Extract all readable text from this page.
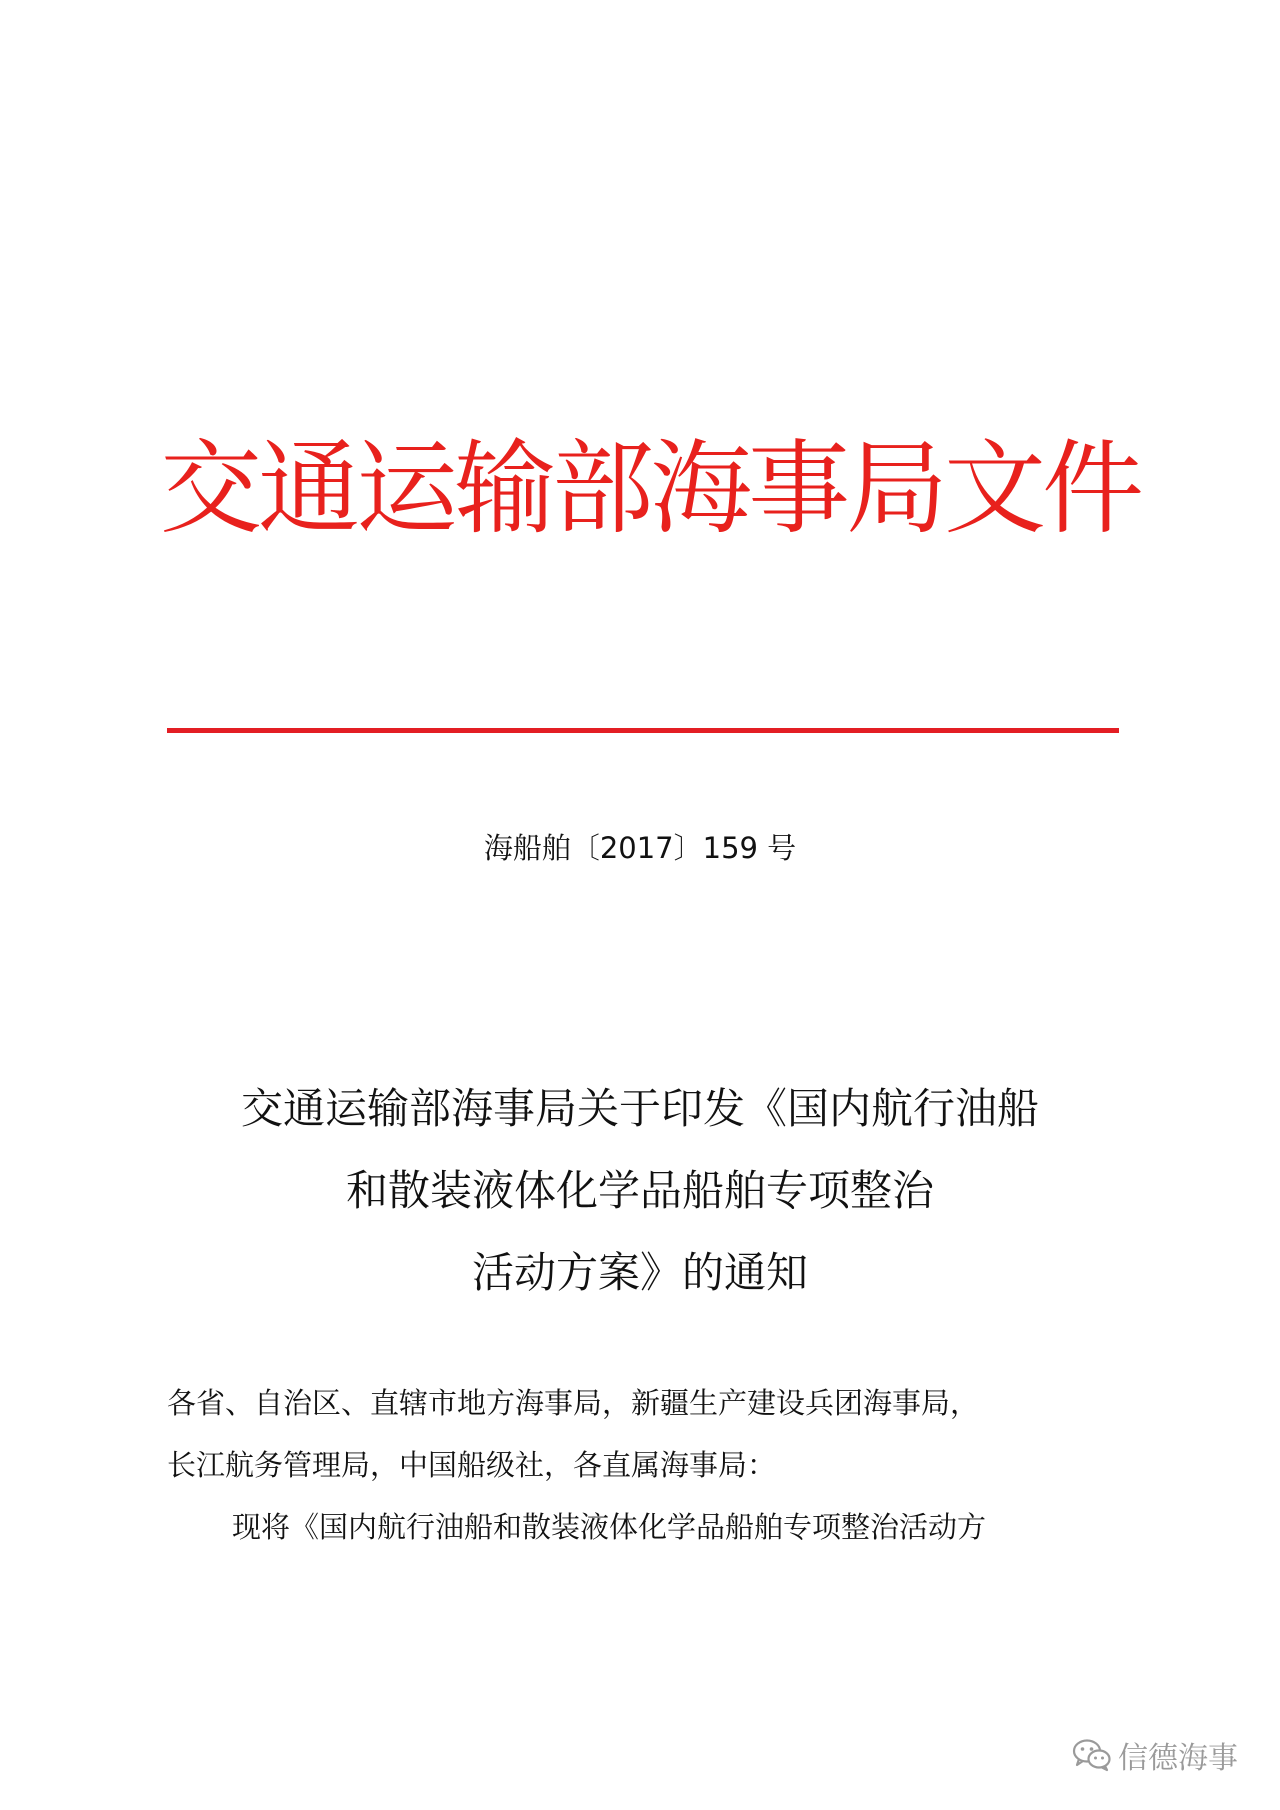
交通运输部海事局文件
海船舶〔2017〕159 号
交通运输部海事局关于印发《国内航行油船
和散装液体化学品船舶专项整治
活动方案》的通知
各省、自治区、直辖市地方海事局，新疆生产建设兵团海事局，
长江航务管理局，中国船级社，各直属海事局：
现将《国内航行油船和散装液体化学品船舶专项整治活动方
信德海事
